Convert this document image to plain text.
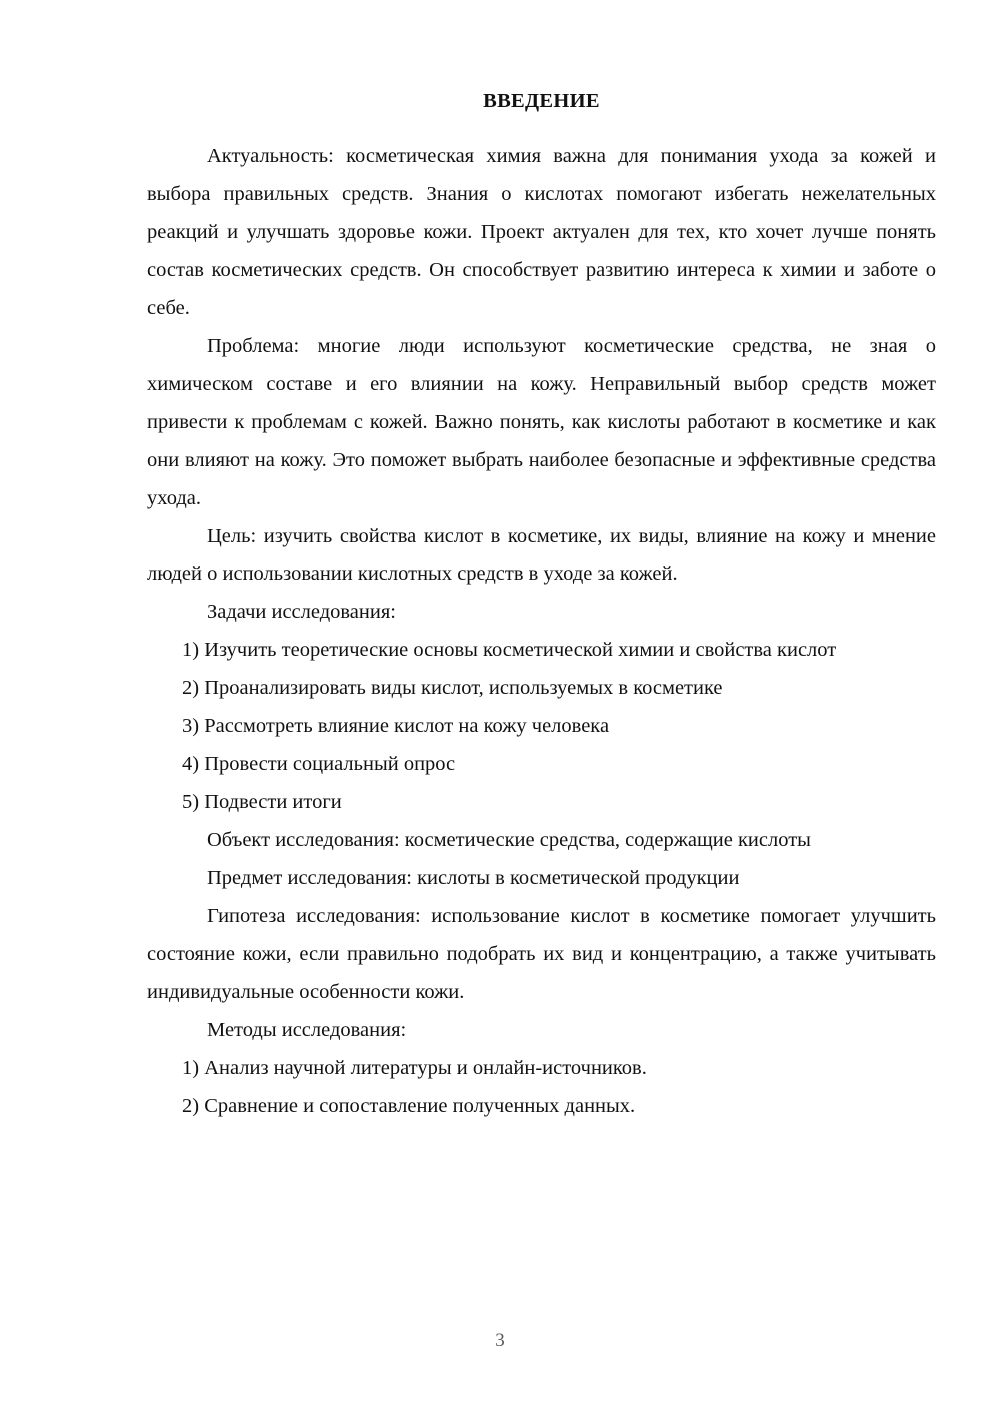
ВВЕДЕНИЕ

Актуальность: косметическая химия важна для понимания ухода за кожей и выбора правильных средств. Знания о кислотах помогают избегать нежелательных реакций и улучшать здоровье кожи. Проект актуален для тех, кто хочет лучше понять состав косметических средств. Он способствует развитию интереса к химии и заботе о себе.

Проблема: многие люди используют косметические средства, не зная о химическом составе и его влиянии на кожу. Неправильный выбор средств может привести к проблемам с кожей. Важно понять, как кислоты работают в косметике и как они влияют на кожу. Это поможет выбрать наиболее безопасные и эффективные средства ухода.

Цель: изучить свойства кислот в косметике, их виды, влияние на кожу и мнение людей о использовании кислотных средств в уходе за кожей.

Задачи исследования:

1) Изучить теоретические основы косметической химии и свойства кислот

2) Проанализировать виды кислот, используемых в косметике

3) Рассмотреть влияние кислот на кожу человека

4) Провести социальный опрос

5) Подвести итоги

Объект исследования: косметические средства, содержащие кислоты

Предмет исследования: кислоты в косметической продукции

Гипотеза исследования: использование кислот в косметике помогает улучшить состояние кожи, если правильно подобрать их вид и концентрацию, а также учитывать индивидуальные особенности кожи.

Методы исследования:

1) Анализ научной литературы и онлайн-источников.

2) Сравнение и сопоставление полученных данных.

3
